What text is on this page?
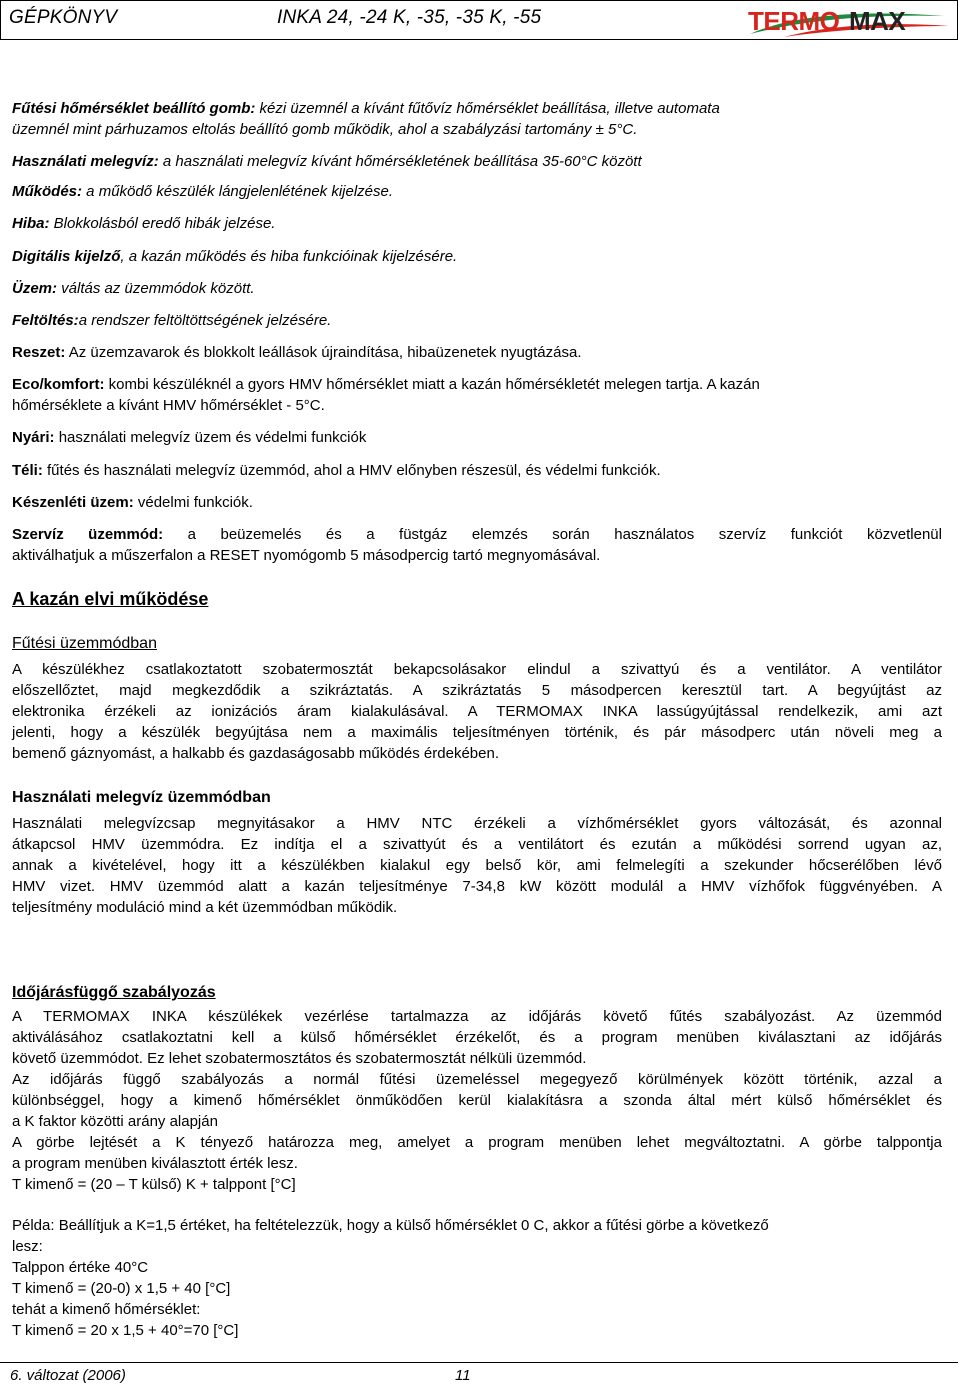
GÉPKÖNYV	INKA 24, -24 K, -35, -35 K, -55	TERMO MAX
Fűtési hőmérséklet beállító gomb: kézi üzemnél a kívánt fűtővíz hőmérséklet beállítása, illetve automata
üzemnél mint párhuzamos eltolás beállító gomb működik, ahol a szabályzási tartomány ± 5°C.
Használati melegvíz: a használati melegvíz kívánt hőmérsékletének beállítása 35-60°C között
Működés: a működő készülék lángjelenlétének kijelzése.
Hiba: Blokkolásból eredő hibák jelzése.
Digitális kijelző, a kazán működés és hiba funkcióinak kijelzésére.
Üzem: váltás az üzemmódok között.
Feltöltés:a rendszer feltöltöttségének jelzésére.
Reszet: Az üzemzavarok és blokkolt leállások újraindítása, hibaüzenetek nyugtázása.
Eco/komfort: kombi készüléknél a gyors HMV hőmérséklet miatt a kazán hőmérsékletét melegen tartja. A kazán
hőmérséklete a kívánt HMV hőmérséklet - 5°C.
Nyári: használati melegvíz üzem és védelmi funkciók
Téli: fűtés és használati melegvíz üzemmód, ahol a HMV előnyben részesül, és védelmi funkciók.
Készenléti üzem: védelmi funkciók.
Szervíz üzemmód: a beüzemelés és a füstgáz elemzés során használatos szervíz funkciót közvetlenül
aktiválhatjuk a műszerfalon a RESET nyomógomb 5 másodpercig tartó megnyomásával.
A kazán elvi működése
Fűtési üzemmódban
A készülékhez csatlakoztatott szobatermosztát bekapcsolásakor elindul a szivattyú és a ventilátor. A ventilátor
előszellőztet, majd megkezdődik a szikráztatás. A szikráztatás 5 másodpercen keresztül tart. A begyújtást az
elektronika érzékeli az ionizációs áram kialakulásával. A TERMOMAX INKA lassúgyújtással rendelkezik, ami azt
jelenti, hogy a készülék begyújtása nem a maximális teljesítményen történik, és pár másodperc után növeli meg a
bemenő gáznyomást, a halkabb és gazdaságosabb működés érdekében.
Használati melegvíz üzemmódban
Használati melegvízcsap megnyitásakor a HMV NTC érzékeli a vízhőmérséklet gyors változását, és azonnal
átkapcsol HMV üzemmódra. Ez indítja el a szivattyút és a ventilátort és ezután a működési sorrend ugyan az,
annak a kivételével, hogy itt a készülékben kialakul egy belső kör, ami felmelegíti a szekunder hőcserélőben lévő
HMV vizet. HMV üzemmód alatt a kazán teljesítménye 7-34,8 kW között modulál a HMV vízhőfok függvényében. A
teljesítmény moduláció mind a két üzemmódban működik.
Időjárásfüggő szabályozás
A TERMOMAX INKA készülékek vezérlése tartalmazza az időjárás követő fűtés szabályozást. Az üzemmód
aktiválásához csatlakoztatni kell a külső hőmérséklet érzékelőt, és a program menüben kiválasztani az időjárás
követő üzemmódot. Ez lehet szobatermosztátos és szobatermosztát nélküli üzemmód.
Az időjárás függő szabályozás a normál fűtési üzemeléssel megegyező körülmények között történik, azzal a
különbséggel, hogy a kimenő hőmérséklet önműködően kerül kialakításra a szonda által mért külső hőmérséklet és
a K faktor közötti arány alapján
A görbe lejtését a K tényező határozza meg, amelyet a program menüben lehet megváltoztatni. A görbe talppontja
a program menüben kiválasztott érték lesz.
T kimenő = (20 – T külső) K + talppont [°C]
Példa: Beállítjuk a K=1,5 értéket, ha feltételezzük, hogy a külső hőmérséklet 0 C, akkor a fűtési görbe a következő
lesz:
Talppon értéke 40°C
T kimenő = (20-0) x 1,5 + 40 [°C]
tehát a kimenő hőmérséklet:
T kimenő = 20 x 1,5 + 40°=70 [°C]
6. változat (2006)	11
